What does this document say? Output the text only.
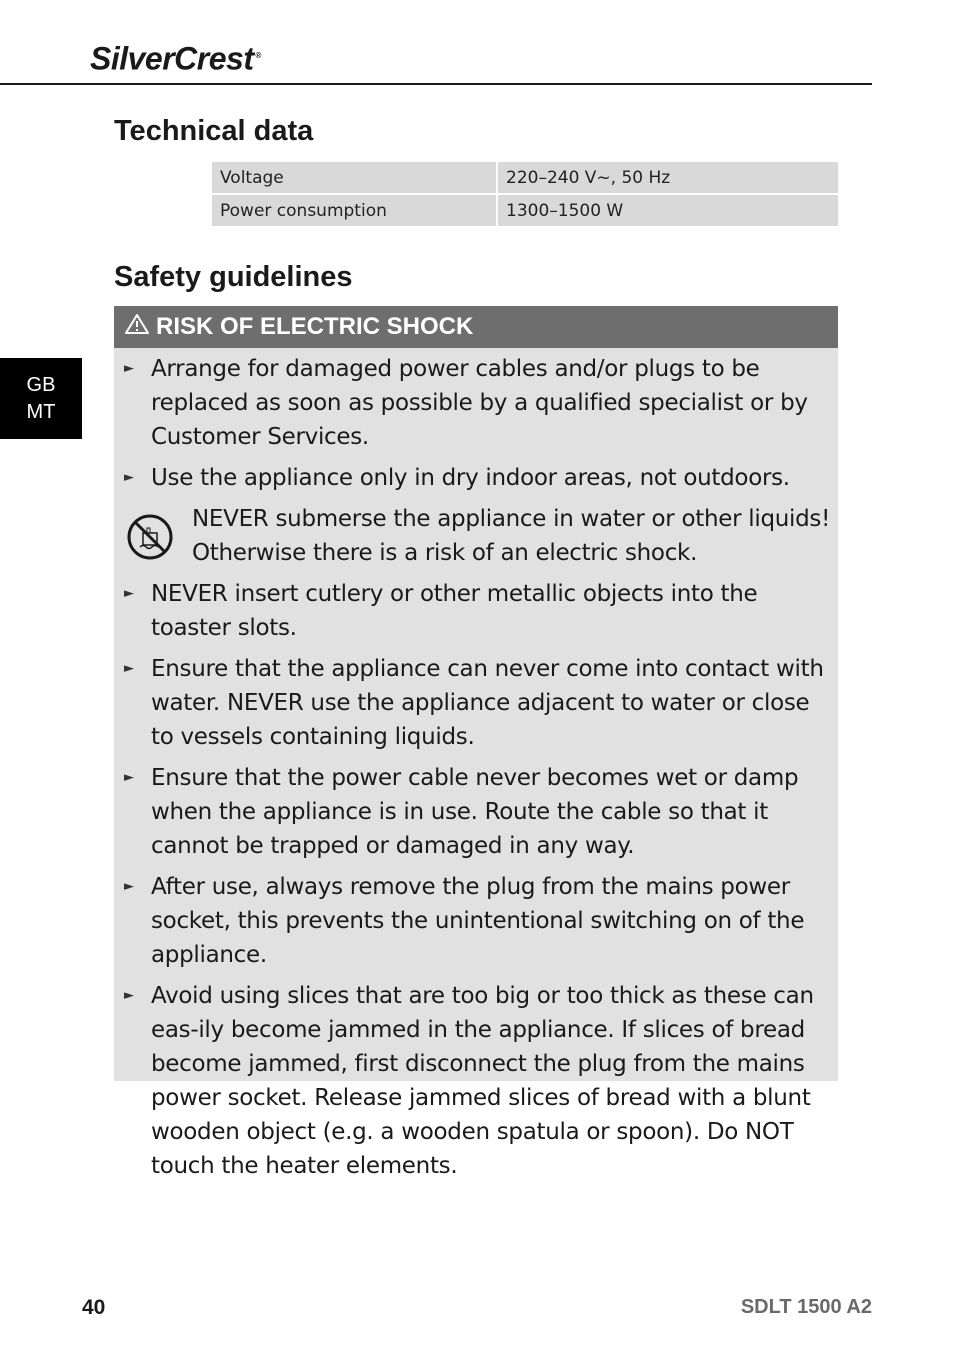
SilverCrest ®
Technical data
Voltage	220–240 V~, 50 Hz
Power consumption	1300–1500 W
Safety guidelines
RISK OF ELECTRIC SHOCK
► Arrange for damaged power cables and/or plugs to be replaced as soon as possible by a qualified specialist or by Customer Services.
► Use the appliance only in dry indoor areas, not outdoors.
NEVER submerse the appliance in water or other liquids! Otherwise there is a risk of an electric shock.
► NEVER insert cutlery or other metallic objects into the toaster slots.
► Ensure that the appliance can never come into contact with water. NEVER use the appliance adjacent to water or close to vessels containing liquids.
► Ensure that the power cable never becomes wet or damp when the appliance is in use. Route the cable so that it cannot be trapped or damaged in any way.
► After use, always remove the plug from the mains power socket, this prevents the unintentional switching on of the appliance.
► Avoid using slices that are too big or too thick as these can eas-ily become jammed in the appliance. If slices of bread become jammed, first disconnect the plug from the mains power socket. Release jammed slices of bread with a blunt wooden object (e.g. a wooden spatula or spoon). Do NOT touch the heater elements.
GB
MT
40	SDLT 1500 A2
